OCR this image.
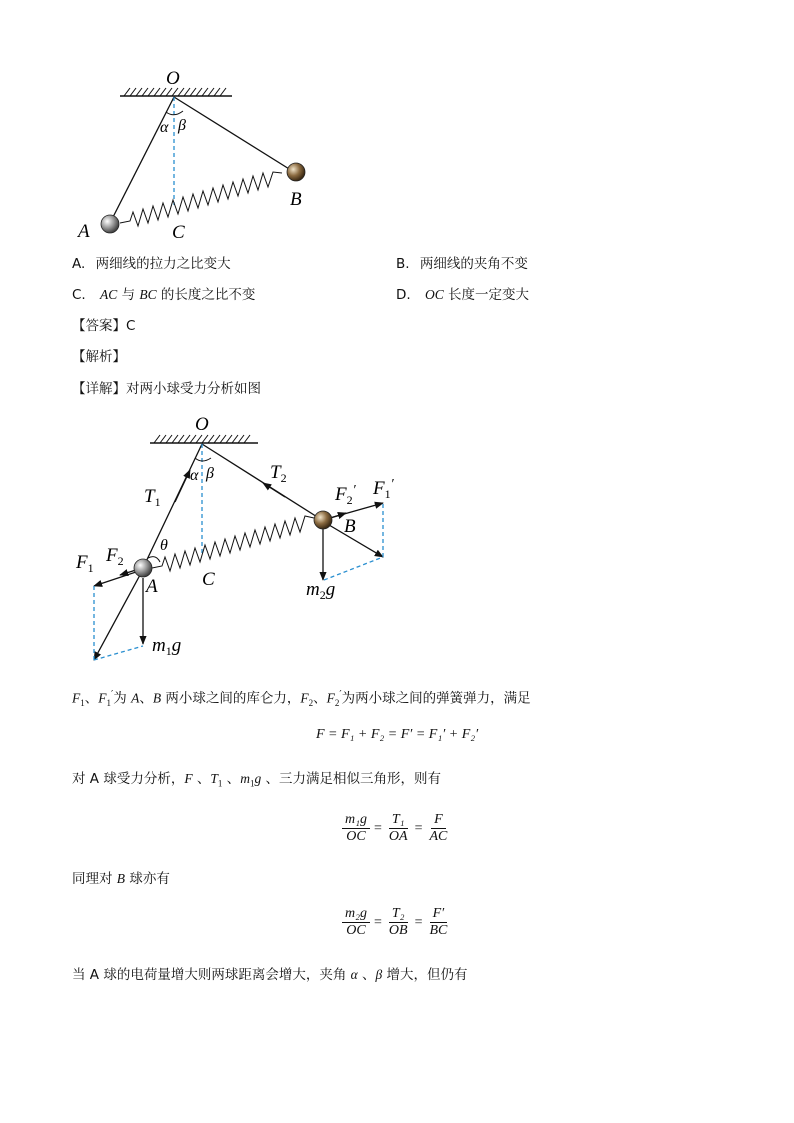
O
α β
A
B
C
A. 两细线的拉力之比变大	B. 两细线的夹角不变
C. AC 与 BC 的长度之比不变	D. OC 长度一定变大
【答案】C
【解析】
【详解】对两小球受力分析如图
O
α β
$T_1$
$T_2$
$F_2'$ $F_1'$
B
θ
$F_1$
$F_2$
A C	$m_2g$
$m_1g$
$F_1$、$F_1'$为 A、B 两小球之间的库仑力，$F_2$、$F_2'$为两小球之间的弹簧弹力，满足
F = F₁ + F₂ = F′ = F₁′ + F₂′
对 A 球受力分析，F 、$T_1$ 、$m_1g$ 、三力满足相似三角形，则有
$\frac{\text{m₁g}}{OC} = \frac{\text{T₁}}{OA} = \frac{F}{AC}$
同理对 B 球亦有
$\frac{\text{m₂g}}{OC} = \frac{\text{T₂}}{OB} = \frac{F'}{BC}$
当 A 球的电荷量增大则两球距离会增大，夹角 α 、β 增大，但仍有
